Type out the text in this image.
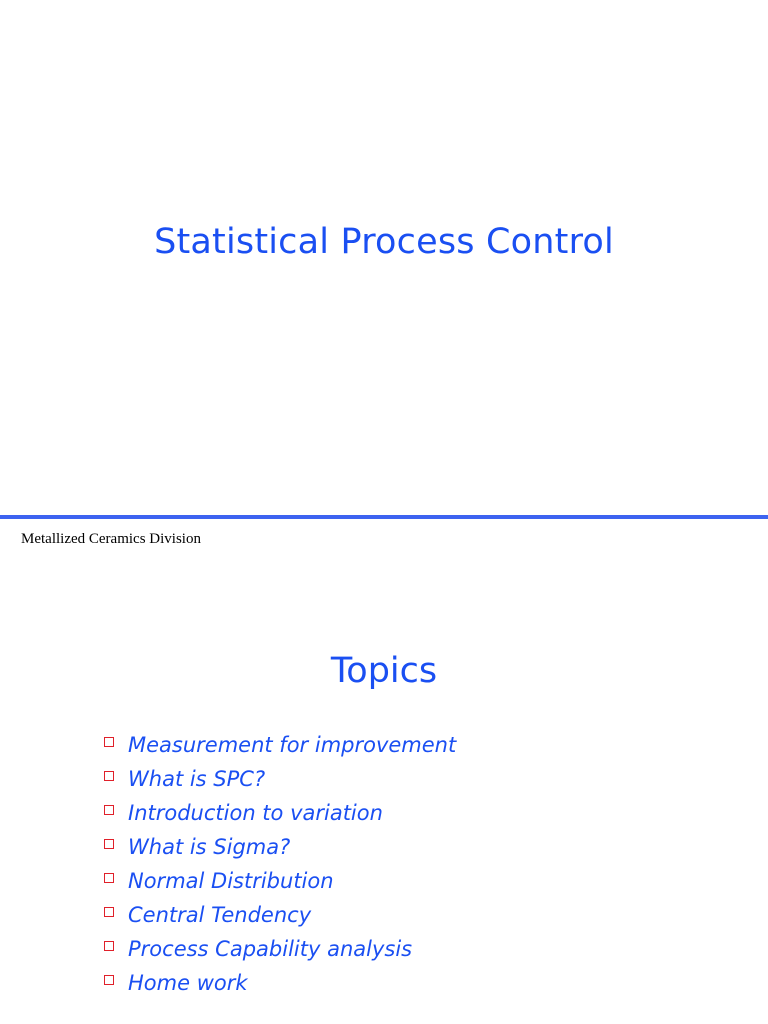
Statistical Process Control
Metallized Ceramics Division
Topics
Measurement for improvement
What is SPC?
Introduction to variation
What is Sigma?
Normal Distribution
Central Tendency
Process Capability analysis
Home work
